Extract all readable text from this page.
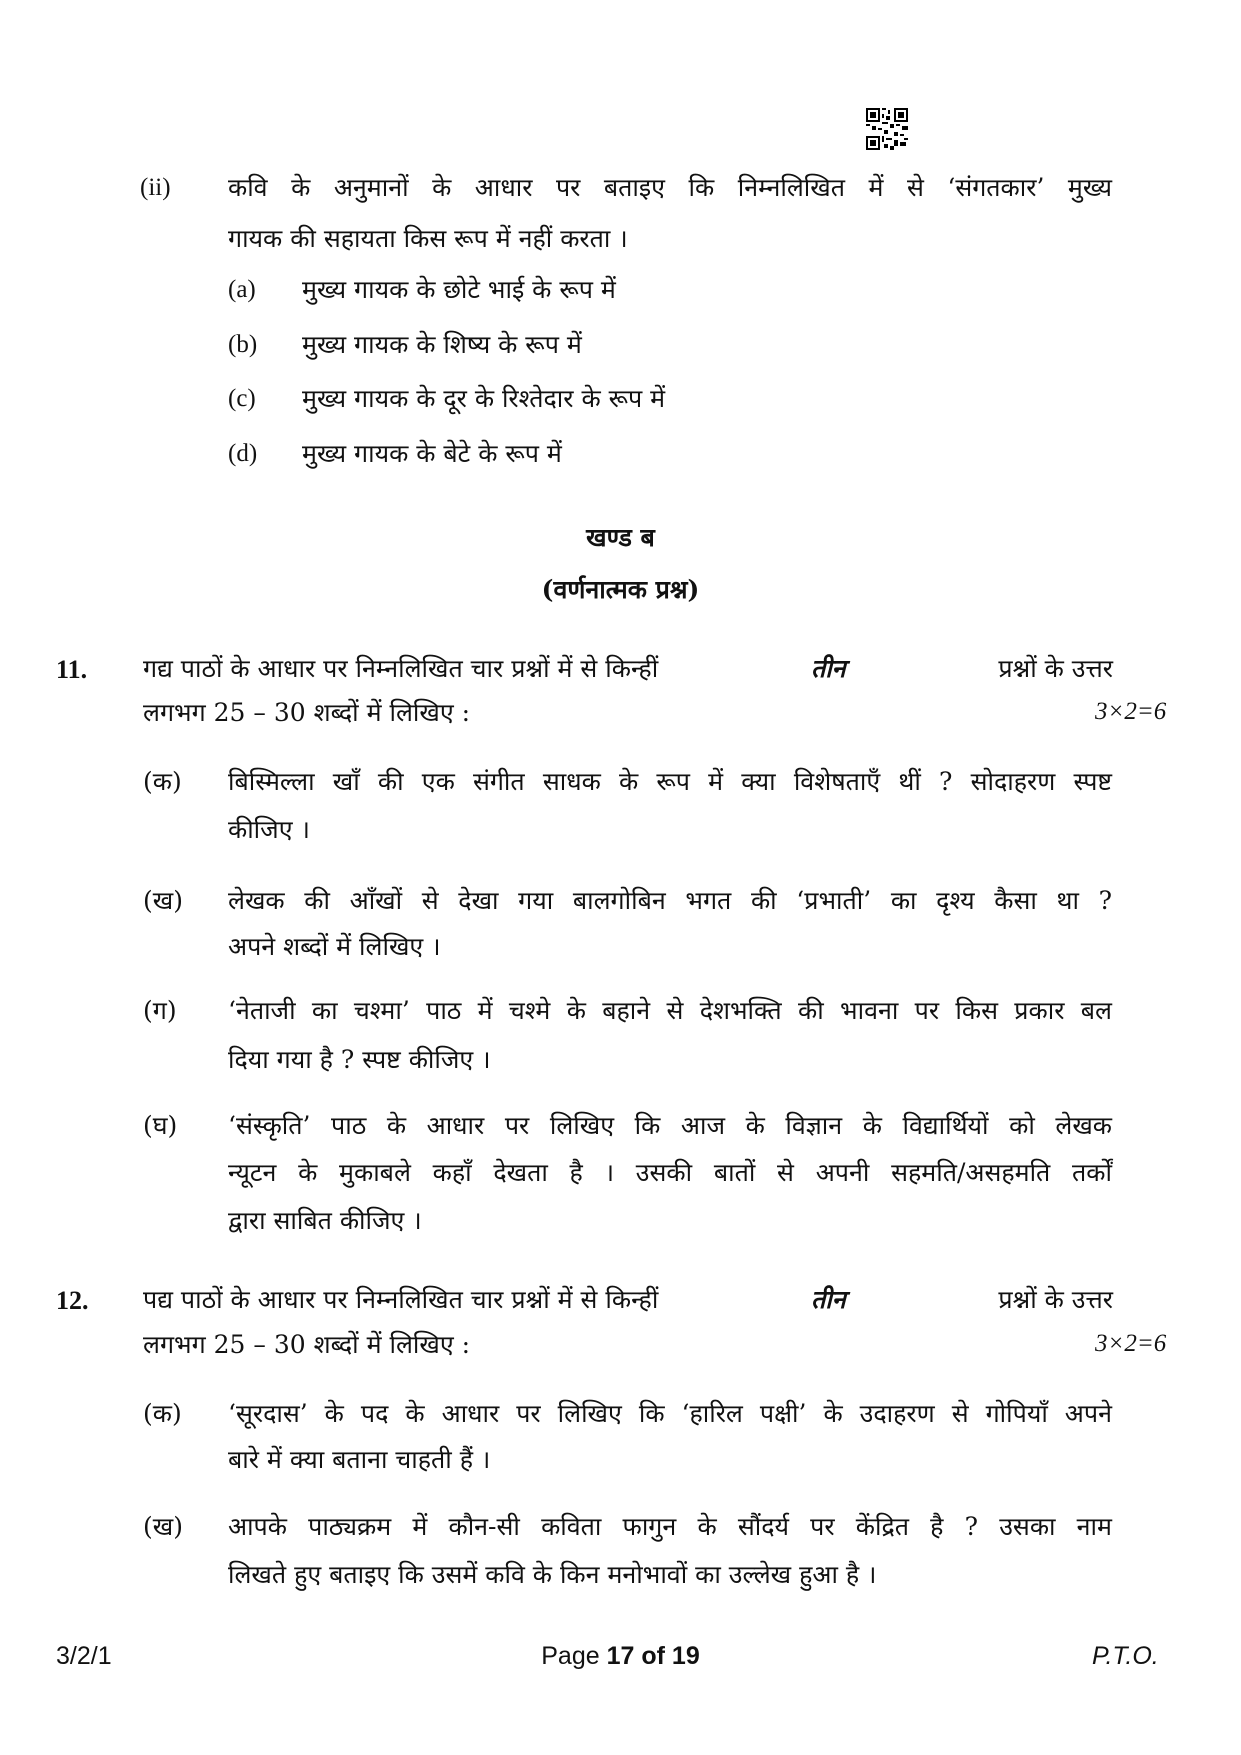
(ii) कवि के अनुमानों के आधार पर बताइए कि निम्नलिखित में से ‘संगतकार’ मुख्य
गायक की सहायता किस रूप में नहीं करता ।
(a) मुख्य गायक के छोटे भाई के रूप में
(b) मुख्य गायक के शिष्य के रूप में
(c) मुख्य गायक के दूर के रिश्तेदार के रूप में
(d) मुख्य गायक के बेटे के रूप में
खण्ड ब
(वर्णनात्मक प्रश्न)
11. गद्य पाठों के आधार पर निम्नलिखित चार प्रश्नों में से किन्हीं	तीन	प्रश्नों के उत्तर
लगभग 25 – 30 शब्दों में लिखिए :	3×2=6
(क) बिस्मिल्ला खाँ की एक संगीत साधक के रूप में क्या विशेषताएँ थीं ? सोदाहरण स्पष्ट
कीजिए ।
(ख) लेखक की आँखों से देखा गया बालगोबिन भगत की ‘प्रभाती’ का दृश्य कैसा था ?
अपने शब्दों में लिखिए ।
(ग) ‘नेताजी का चश्मा’ पाठ में चश्मे के बहाने से देशभक्ति की भावना पर किस प्रकार बल
दिया गया है ? स्पष्ट कीजिए ।
(घ) ‘संस्कृति’ पाठ के आधार पर लिखिए कि आज के विज्ञान के विद्यार्थियों को लेखक
न्यूटन के मुकाबले कहाँ देखता है । उसकी बातों से अपनी सहमति/असहमति तर्कों
द्वारा साबित कीजिए ।
12. पद्य पाठों के आधार पर निम्नलिखित चार प्रश्नों में से किन्हीं	तीन	प्रश्नों के उत्तर
लगभग 25 – 30 शब्दों में लिखिए :	3×2=6
(क) ‘सूरदास’ के पद के आधार पर लिखिए कि ‘हारिल पक्षी’ के उदाहरण से गोपियाँ अपने
बारे में क्या बताना चाहती हैं ।
(ख) आपके पाठ्यक्रम में कौन-सी कविता फागुन के सौंदर्य पर केंद्रित है ? उसका नाम
लिखते हुए बताइए कि उसमें कवि के किन मनोभावों का उल्लेख हुआ है ।
3/2/1	Page 17 of 19	P.T.O.
